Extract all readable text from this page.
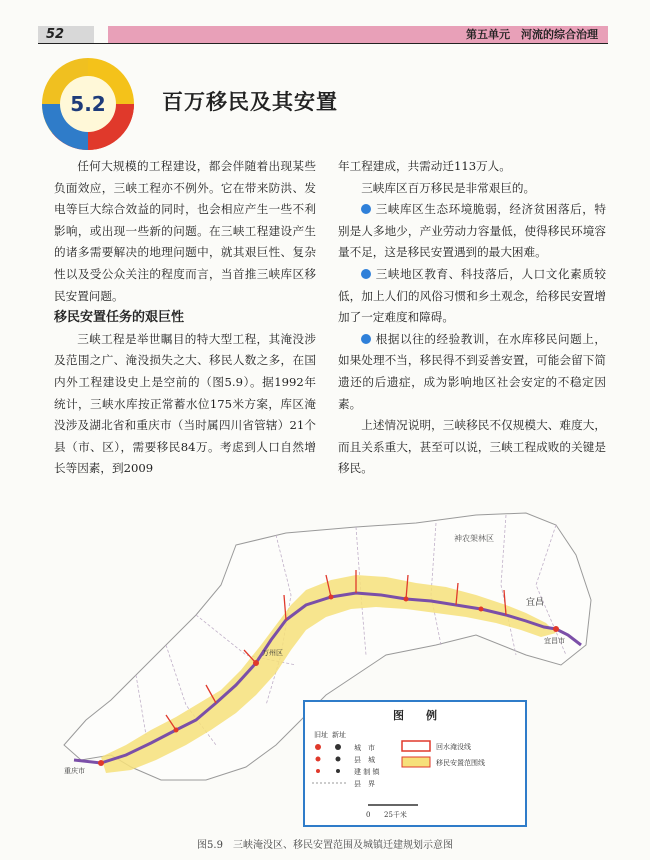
52	第五单元　河流的综合治理
5.2	百万移民及其安置

任何大规模的工程建设，都会伴随着出现某些负面效应，三峡工程亦不例外。它在带来防洪、发电等巨大综合效益的同时，也会相应产生一些不利影响，或出现一些新的问题。在三峡工程建设产生的诸多需要解决的地理问题中，就其艰巨性、复杂性以及受公众关注的程度而言，当首推三峡库区移民安置问题。

移民安置任务的艰巨性

三峡工程是举世瞩目的特大型工程，其淹没涉及范围之广、淹没损失之大、移民人数之多，在国内外工程建设史上是空前的（图5.9）。据1992年统计，三峡水库按正常蓄水位175米方案，库区淹没涉及湖北省和重庆市（当时属四川省管辖）21个县（市、区），需要移民84万。考虑到人口自然增长等因素，到2009

年工程建成，共需动迁113万人。

三峡库区百万移民是非常艰巨的。

三峡库区生态环境脆弱，经济贫困落后，特别是人多地少，产业劳动力容量低，使得移民环境容量不足，这是移民安置遇到的最大困难。

三峡地区教育、科技落后，人口文化素质较低，加上人们的风俗习惯和乡土观念，给移民安置增加了一定难度和障碍。

根据以往的经验教训，在水库移民问题上，如果处理不当，移民得不到妥善安置，可能会留下简遗还的后遗症，成为影响地区社会安定的不稳定因素。

上述情况说明，三峡移民不仅规模大、难度大，而且关系重大，甚至可以说，三峡工程成败的关键是移民。

神农架林区
宜昌
宜昌市
重庆市
万州区
图　　例
旧址 新址
城　市
县　城
建 制 镇
县　界
回水淹没线
移民安置范围线
0 25千米
图5.9　三峡淹没区、移民安置范围及城镇迁建规划示意图
